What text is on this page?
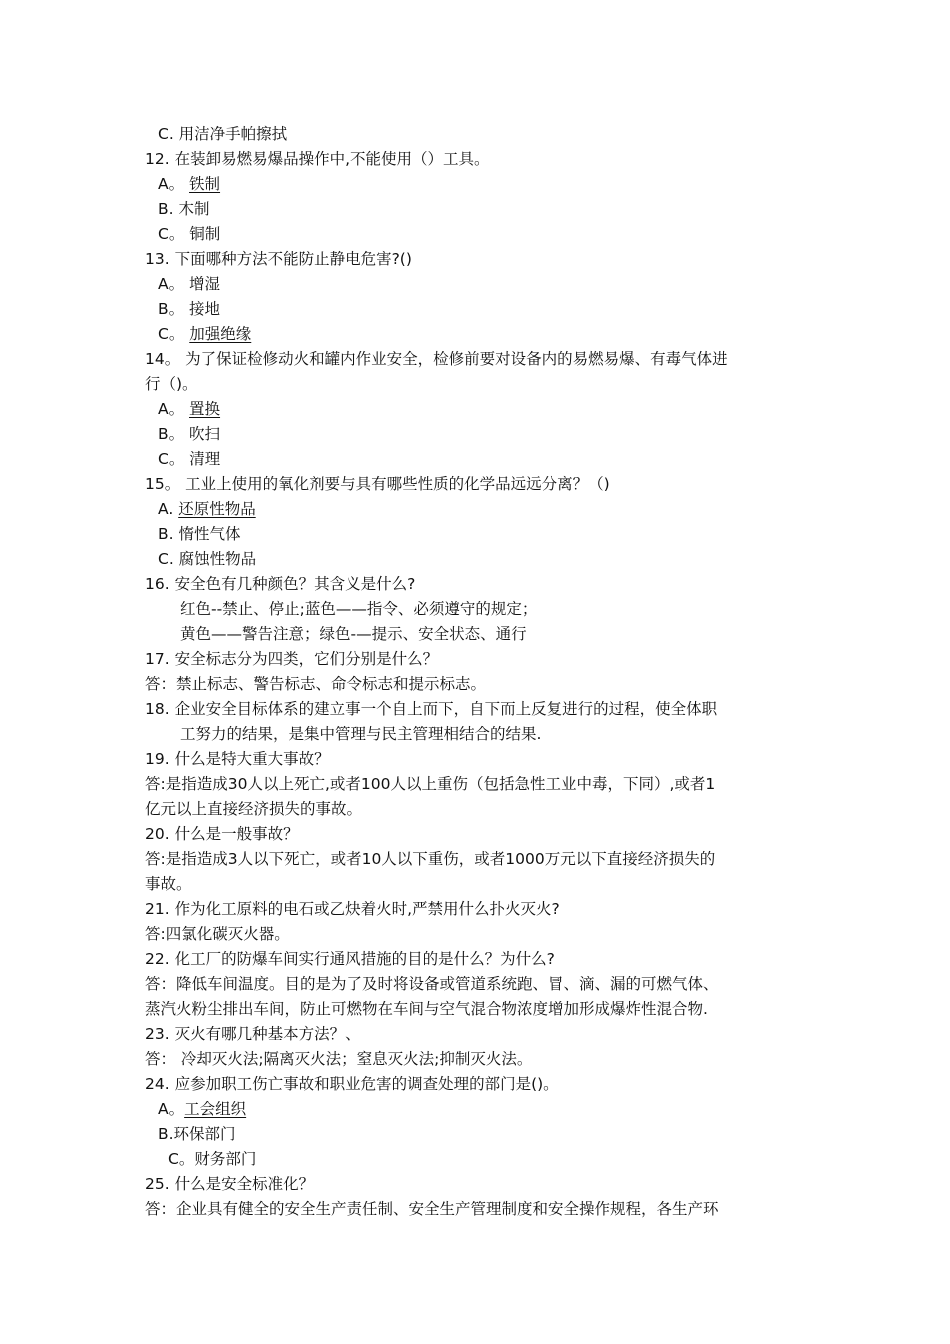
C. 用洁净手帕擦拭
12. 在装卸易燃易爆品操作中,不能使用（）工具。
A。 铁制
B. 木制
C。 铜制
13. 下面哪种方法不能防止静电危害?()
A。 增湿
B。 接地
C。 加强绝缘
14。 为了保证检修动火和罐内作业安全，检修前要对设备内的易燃易爆、有毒气体进
行（)。
A。 置换
B。 吹扫
C。 清理
15。 工业上使用的氧化剂要与具有哪些性质的化学品远远分离？（)
A. 还原性物品
B. 惰性气体
C. 腐蚀性物品
16. 安全色有几种颜色？其含义是什么?
红色--禁止、停止;蓝色——指令、必须遵守的规定；
黄色——警告注意；绿色-—提示、安全状态、通行
17. 安全标志分为四类，它们分别是什么？
答：禁止标志、警告标志、命令标志和提示标志。
18. 企业安全目标体系的建立事一个自上而下，自下而上反复进行的过程，使全体职
工努力的结果，是集中管理与民主管理相结合的结果.
19. 什么是特大重大事故？
答:是指造成30人以上死亡,或者100人以上重伤（包括急性工业中毒，下同）,或者1
亿元以上直接经济损失的事故。
20. 什么是一般事故？
答:是指造成3人以下死亡，或者10人以下重伤，或者1000万元以下直接经济损失的
事故。
21. 作为化工原料的电石或乙炔着火时,严禁用什么扑火灭火?
答:四氯化碳灭火器。
22. 化工厂的防爆车间实行通风措施的目的是什么？为什么?
答：降低车间温度。目的是为了及时将设备或管道系统跑、冒、滴、漏的可燃气体、
蒸汽火粉尘排出车间，防止可燃物在车间与空气混合物浓度增加形成爆炸性混合物.
23. 灭火有哪几种基本方法？、
答： 冷却灭火法;隔离灭火法；窒息灭火法;抑制灭火法。
24. 应参加职工伤亡事故和职业危害的调查处理的部门是()。
A。工会组织
B.环保部门
C。财务部门
25. 什么是安全标准化？
答：企业具有健全的安全生产责任制、安全生产管理制度和安全操作规程，各生产环
